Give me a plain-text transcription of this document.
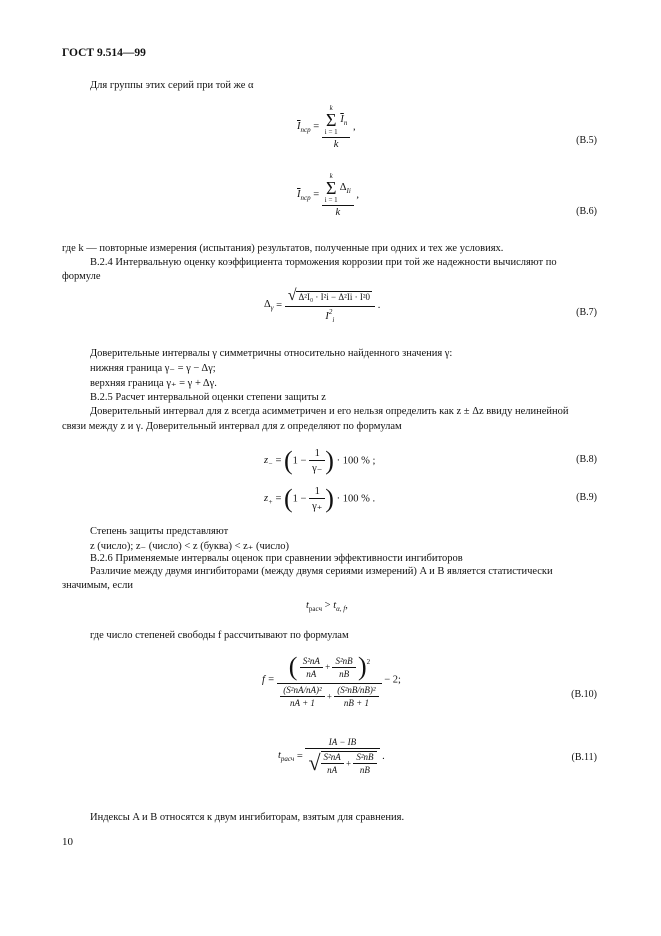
ГОСТ 9.514—99
Для группы этих серий при той же α
$\overline{I}_{nср} = k$
Σ
i = 1
$\overline{I}_n$
k ,
(B.5)
$\overline{I}_{nср} = k$
Σ
i = 1
$\Delta_{Ii}$
k ,
(B.6)
где k — повторные измерения (испытания) результатов, полученные при одних и тех же условиях.
B.2.4 Интервальную оценку коэффициента торможения коррозии при той же надежности вычисляют по
формуле
$\Delta_\gamma = \frac{\text{√ Δ²I₀ · I²i − Δ²Ii · I²0}}{I^2_i}$ .
(B.7)
Доверительные интервалы γ симметричны относительно найденного значения γ:
нижняя граница γ₋ = γ − Δγ;
верхняя граница γ₊ = γ + Δγ.
B.2.5 Расчет интервальной оценки степени защиты z
Доверительный интервал для z всегда асимметричен и его нельзя определить как z ± Δz ввиду нелинейной
связи между z и γ. Доверительный интервал для z определяют по формулам
$z_- = (1 - \frac{1}{\gamma_-}$ ) · 100 % ;	(B.8)
$z_+ = (1 - \frac{1}{\gamma_+}$ ) · 100 % .	(B.9)
Степень защиты представляют
z (число); z₋ (число) < z (буква) < z₊ (число)
B.2.6 Применяемые интервалы оценок при сравнении эффективности ингибиторов
Различие между двумя ингибиторами (между двумя сериями измерений) A и B является статистически
значимым, если
$t_{расч} > t_{\alpha, f}$,
где число степеней свободы f рассчитывают по формулам
$f = \frac{( \frac{\text{S²nA}}{nA} + \frac{\text{S²nB}}{nB} )^2}{\frac{\text{(S²nA/nA)²}}{nA + 1} + \frac{\text{(S²nB/nB)²}}{nB + 1}} - 2$;
(B.10)
$t_{расч} = \frac{IA - IB}{√ \frac{\text{S²nA}}{nA} + \frac{\text{S²nB}}{nB}}$ .	(B.11)
Индексы A и B относятся к двум ингибиторам, взятым для сравнения.
10
